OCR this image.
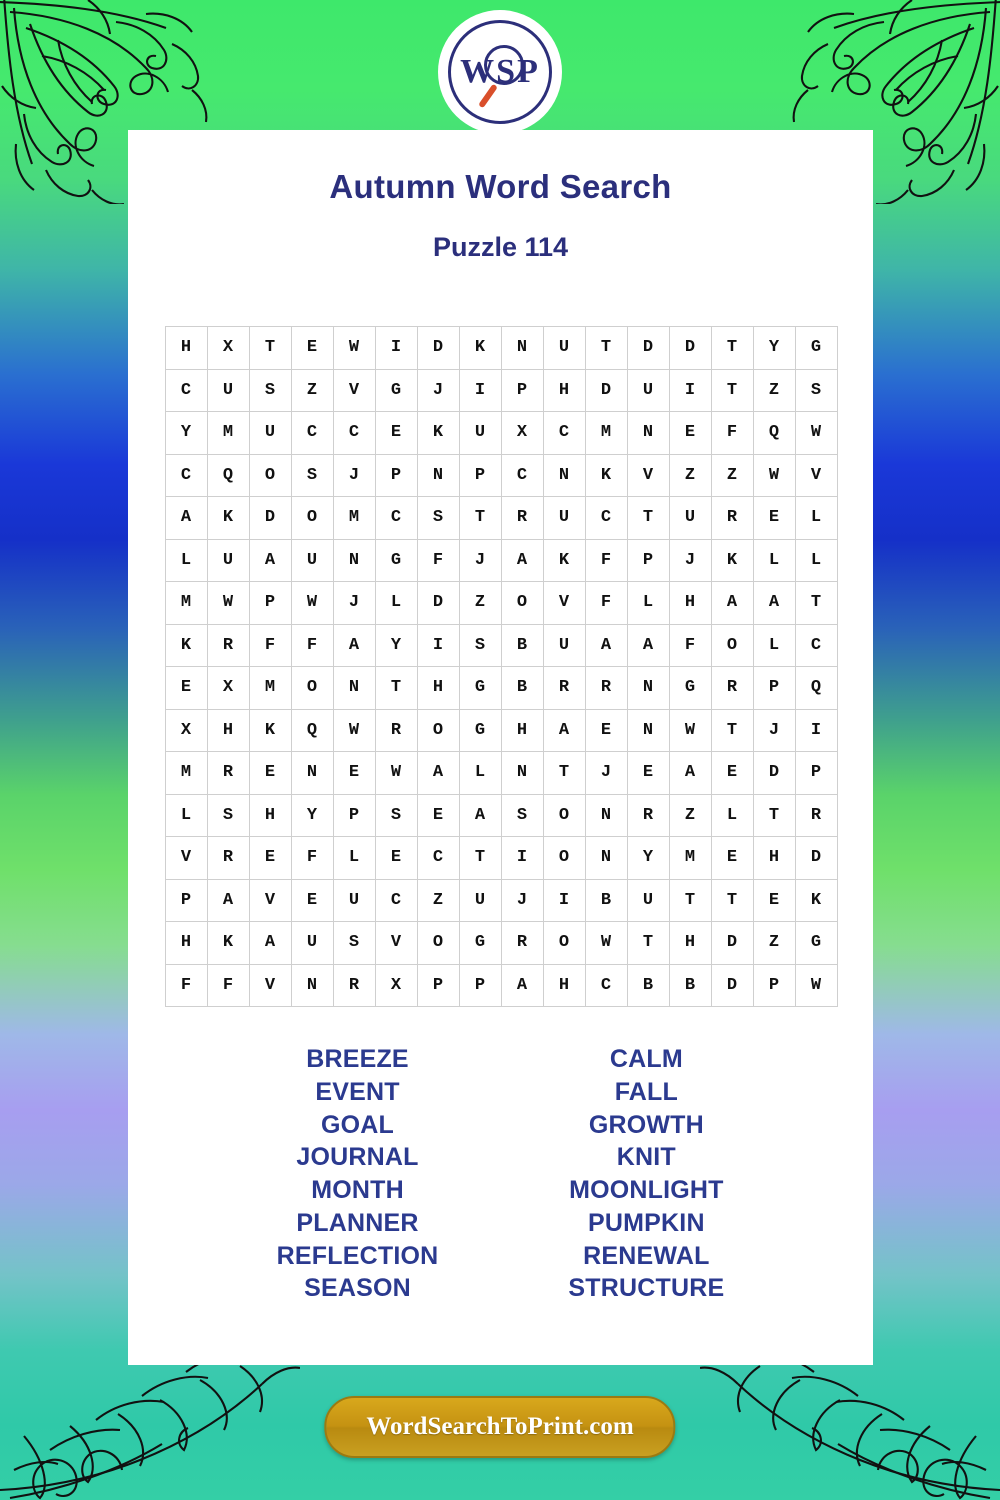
WSP
Autumn Word Search
Puzzle 114
H	X	T	E	W	I	D	K	N	U	T	D	D	T	Y	G
C	U	S	Z	V	G	J	I	P	H	D	U	I	T	Z	S
Y	M	U	C	C	E	K	U	X	C	M	N	E	F	Q	W
C	Q	O	S	J	P	N	P	C	N	K	V	Z	Z	W	V
A	K	D	O	M	C	S	T	R	U	C	T	U	R	E	L
L	U	A	U	N	G	F	J	A	K	F	P	J	K	L	L
M	W	P	W	J	L	D	Z	O	V	F	L	H	A	A	T
K	R	F	F	A	Y	I	S	B	U	A	A	F	O	L	C
E	X	M	O	N	T	H	G	B	R	R	N	G	R	P	Q
X	H	K	Q	W	R	O	G	H	A	E	N	W	T	J	I
M	R	E	N	E	W	A	L	N	T	J	E	A	E	D	P
L	S	H	Y	P	S	E	A	S	O	N	R	Z	L	T	R
V	R	E	F	L	E	C	T	I	O	N	Y	M	E	H	D
P	A	V	E	U	C	Z	U	J	I	B	U	T	T	E	K
H	K	A	U	S	V	O	G	R	O	W	T	H	D	Z	G
F	F	V	N	R	X	P	P	A	H	C	B	B	D	P	W
BREEZE
EVENT
GOAL
JOURNAL
MONTH
PLANNER
REFLECTION
SEASON
CALM
FALL
GROWTH
KNIT
MOONLIGHT
PUMPKIN
RENEWAL
STRUCTURE
WordSearchToPrint.com
